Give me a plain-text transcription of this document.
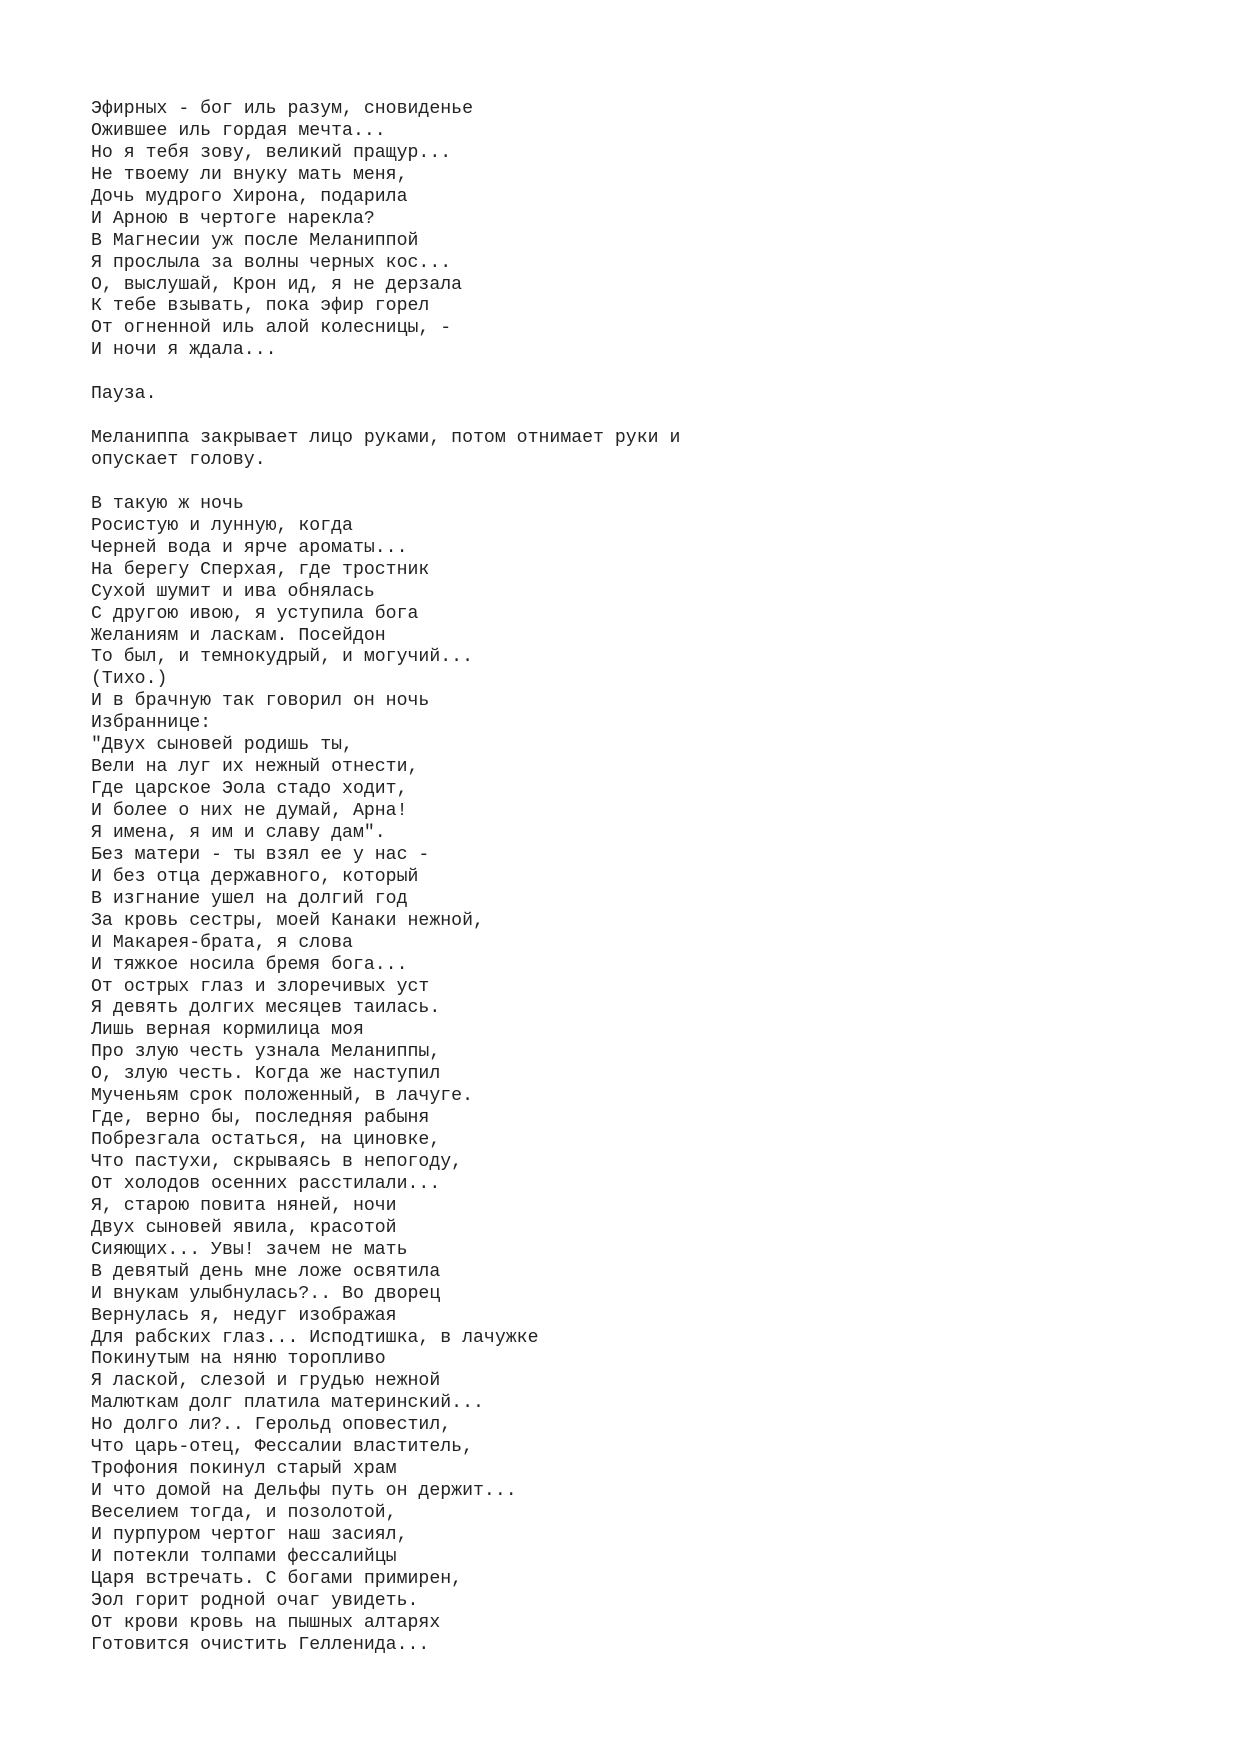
Эфирных - бог иль разум, сновиденье
Ожившее иль гордая мечта...
Но я тебя зову, великий пращур...
Не твоему ли внуку мать меня,
Дочь мудрого Хирона, подарила
И Арною в чертоге нарекла?
В Магнесии уж после Меланиппой
Я прослыла за волны черных кос...
О, выслушай, Крон ид, я не дерзала
К тебе взывать, пока эфир горел
От огненной иль алой колесницы, -
И ночи я ждала...
Пауза.
Меланиппа закрывает лицо руками, потом отнимает руки и
опускает голову.
В такую ж ночь
Росистую и лунную, когда
Черней вода и ярче ароматы...
На берегу Сперхая, где тростник
Сухой шумит и ива обнялась
С другою ивою, я уступила бога
Желаниям и ласкам. Посейдон
То был, и темнокудрый, и могучий...
(Тихо.)
И в брачную так говорил он ночь
Избраннице:
"Двух сыновей родишь ты,
Вели на луг их нежный отнести,
Где царское Эола стадо ходит,
И более о них не думай, Арна!
Я имена, я им и славу дам".
Без матери - ты взял ее у нас -
И без отца державного, который
В изгнание ушел на долгий год
За кровь сестры, моей Канаки нежной,
И Макарея-брата, я слова
И тяжкое носила бремя бога...
От острых глаз и злоречивых уст
Я девять долгих месяцев таилась.
Лишь верная кормилица моя
Про злую честь узнала Меланиппы,
О, злую честь. Когда же наступил
Мученьям срок положенный, в лачуге.
Где, верно бы, последняя рабыня
Побрезгала остаться, на циновке,
Что пастухи, скрываясь в непогоду,
От холодов осенних расстилали...
Я, старою повита няней, ночи
Двух сыновей явила, красотой
Сияющих... Увы! зачем не мать
В девятый день мне ложе освятила
И внукам улыбнулась?.. Во дворец
Вернулась я, недуг изображая
Для рабских глаз... Исподтишка, в лачужке
Покинутым на няню торопливо
Я лаской, слезой и грудью нежной
Малюткам долг платила материнский...
Но долго ли?.. Герольд оповестил,
Что царь-отец, Фессалии властитель,
Трофония покинул старый храм
И что домой на Дельфы путь он держит...
Веселием тогда, и позолотой,
И пурпуром чертог наш засиял,
И потекли толпами фессалийцы
Царя встречать. С богами примирен,
Эол горит родной очаг увидеть.
От крови кровь на пышных алтарях
Готовится очистить Гелленида...
